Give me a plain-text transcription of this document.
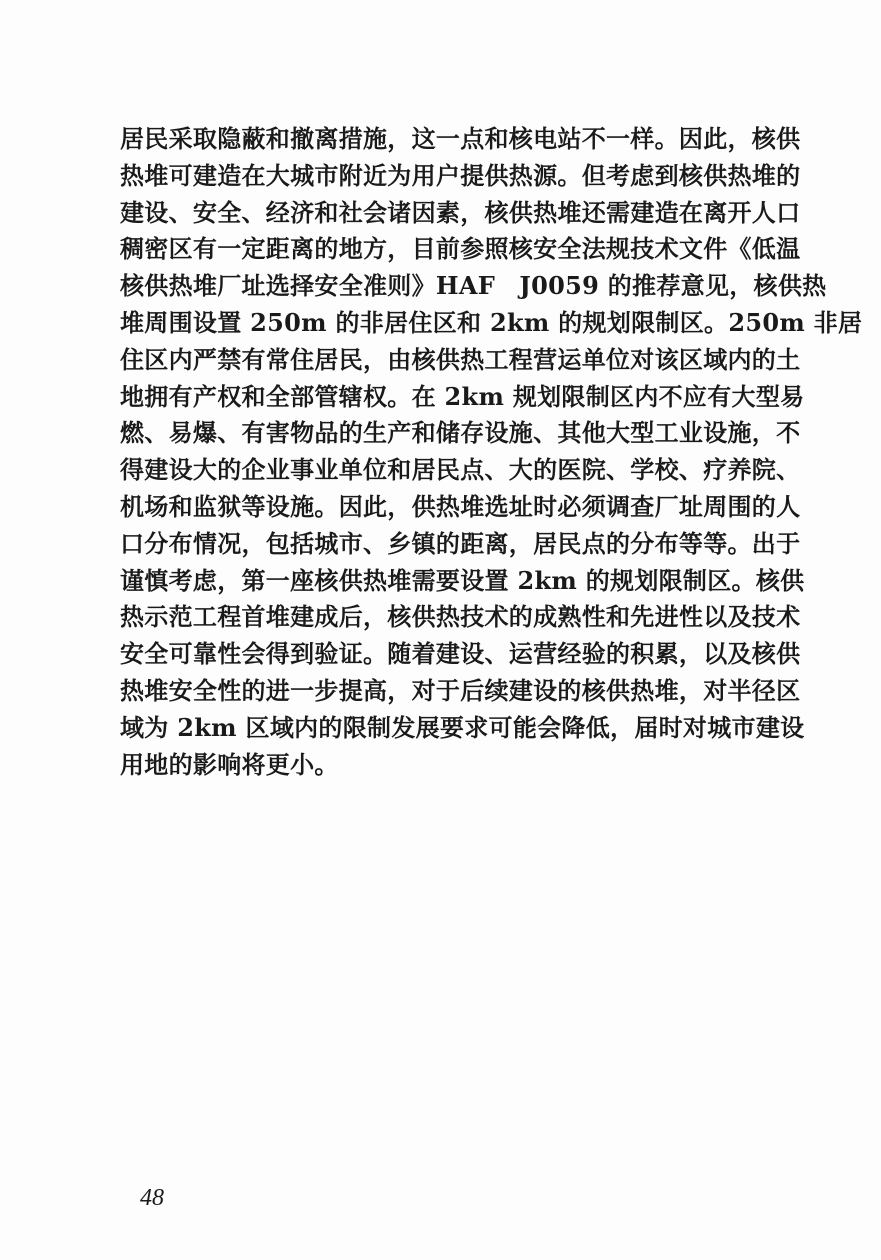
居民采取隐蔽和撤离措施，这一点和核电站不一样。因此，核供
热堆可建造在大城市附近为用户提供热源。但考虑到核供热堆的
建设、安全、经济和社会诸因素，核供热堆还需建造在离开人口
稠密区有一定距离的地方，目前参照核安全法规技术文件《低温
核供热堆厂址选择安全准则》HAF　J0059 的推荐意见，核供热
堆周围设置 250m 的非居住区和 2km 的规划限制区。250m 非居
住区内严禁有常住居民，由核供热工程营运单位对该区域内的土
地拥有产权和全部管辖权。在 2km 规划限制区内不应有大型易
燃、易爆、有害物品的生产和储存设施、其他大型工业设施，不
得建设大的企业事业单位和居民点、大的医院、学校、疗养院、
机场和监狱等设施。因此，供热堆选址时必须调查厂址周围的人
口分布情况，包括城市、乡镇的距离，居民点的分布等等。出于
谨慎考虑，第一座核供热堆需要设置 2km 的规划限制区。核供
热示范工程首堆建成后，核供热技术的成熟性和先进性以及技术
安全可靠性会得到验证。随着建设、运营经验的积累，以及核供
热堆安全性的进一步提高，对于后续建设的核供热堆，对半径区
域为 2km 区域内的限制发展要求可能会降低，届时对城市建设
用地的影响将更小。
48
